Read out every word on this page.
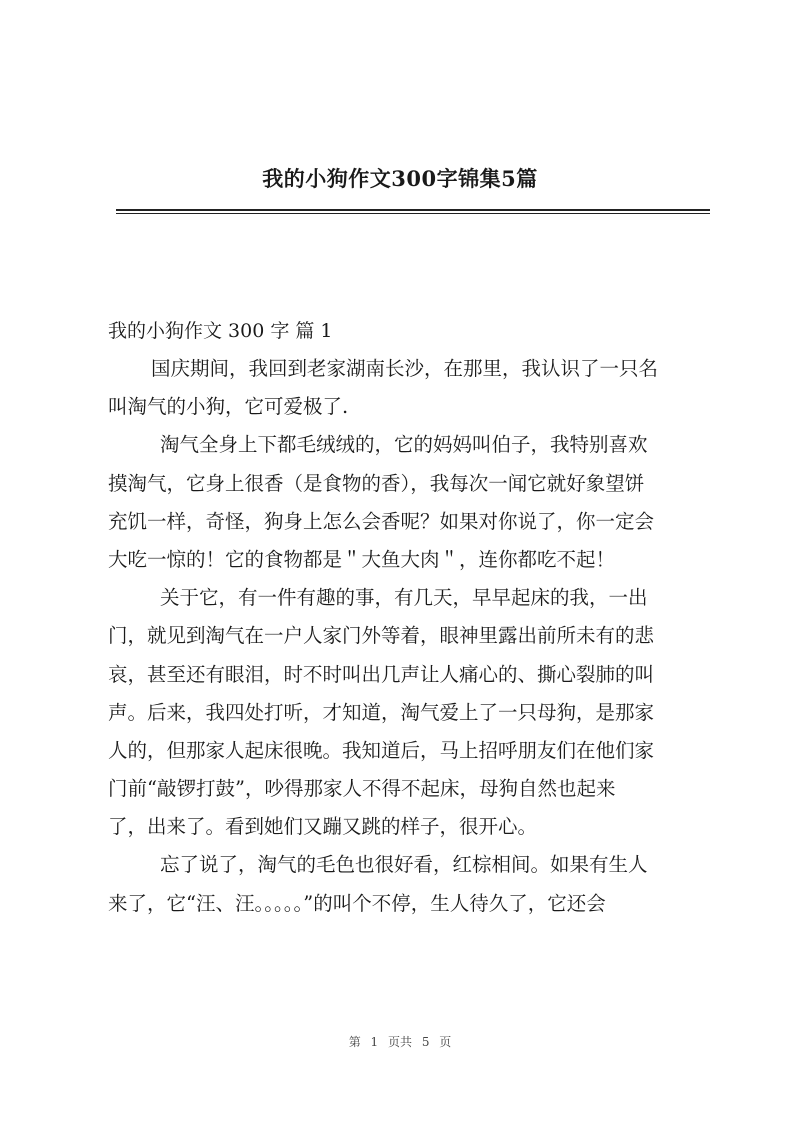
我的小狗作文300字锦集5篇
我的小狗作文 300 字 篇 1

国庆期间，我回到老家湖南长沙，在那里，我认识了一只名
叫淘气的小狗，它可爱极了.

淘气全身上下都毛绒绒的，它的妈妈叫伯子，我特别喜欢
摸淘气，它身上很香（是食物的香），我每次一闻它就好象望饼
充饥一样，奇怪，狗身上怎么会香呢？如果对你说了，你一定会
大吃一惊的！它的食物都是＂大鱼大肉＂，连你都吃不起！

关于它，有一件有趣的事，有几天，早早起床的我，一出
门，就见到淘气在一户人家门外等着，眼神里露出前所未有的悲
哀，甚至还有眼泪，时不时叫出几声让人痛心的、撕心裂肺的叫
声。后来，我四处打听，才知道，淘气爱上了一只母狗，是那家
人的，但那家人起床很晚。我知道后，马上招呼朋友们在他们家
门前“敲锣打鼓”，吵得那家人不得不起床，母狗自然也起来
了，出来了。看到她们又蹦又跳的样子，很开心。

忘了说了，淘气的毛色也很好看，红棕相间。如果有生人
来了，它“汪、汪。。。。。”的叫个不停，生人待久了，它还会

第 1 页共 5 页
